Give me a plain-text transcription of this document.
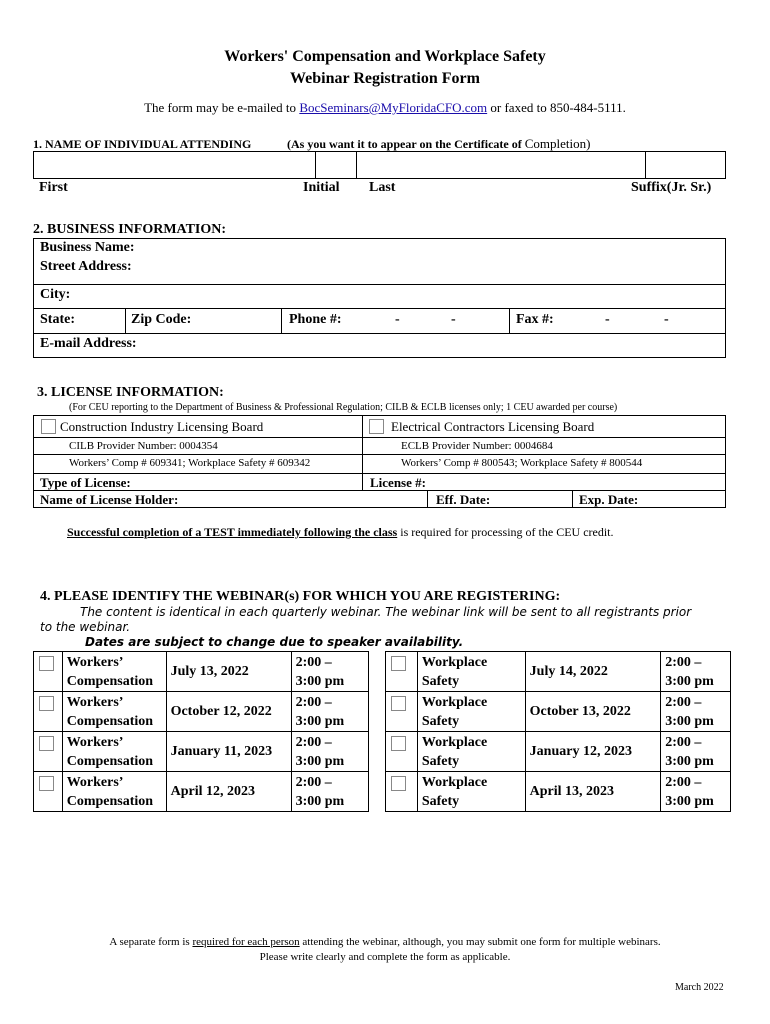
Workers' Compensation and Workplace Safety
Webinar Registration Form
The form may be e-mailed to BocSeminars@MyFloridaCFO.com or faxed to 850-484-5111.
1. NAME OF INDIVIDUAL ATTENDING	(As you want it to appear on the Certificate of Completion)
First	Initial Last	Suffix(Jr. Sr.)
2. BUSINESS INFORMATION:
Business Name:
Street Address:
City:
State:	Zip Code:	Phone #:	-	-	Fax #:	-	-
E-mail Address:
3. LICENSE INFORMATION:
(For CEU reporting to the Department of Business & Professional Regulation; CILB & ECLB licenses only; 1 CEU awarded per course)
Construction Industry Licensing Board	Electrical Contractors Licensing Board
CILB Provider Number: 0004354
Workers’ Comp # 609341; Workplace Safety # 609342
ECLB Provider Number: 0004684
Workers’ Comp # 800543; Workplace Safety # 800544
Type of License:	License #:
Name of License Holder:	Eff. Date:	Exp. Date:
Successful completion of a TEST immediately following the class is required for processing of the CEU credit.
4. PLEASE IDENTIFY THE WEBINAR(s) FOR WHICH YOU ARE REGISTERING:
The content is identical in each quarterly webinar. The webinar link will be sent to all registrants prior
to the webinar.
Dates are subject to change due to speaker availability.
	Workers’
Compensation	July 13, 2022	2:00 –
3:00 pm

	Workers’
Compensation	October 12, 2022	2:00 –
3:00 pm

	Workers’
Compensation	January 11, 2023	2:00 –
3:00 pm

	Workers’
Compensation	April 12, 2023	2:00 –
3:00 pm
	Workplace
Safety	July 14, 2022	2:00 –
3:00 pm

	Workplace
Safety	October 13, 2022	2:00 –
3:00 pm

	Workplace
Safety	January 12, 2023	2:00 –
3:00 pm

	Workplace
Safety	April 13, 2023	2:00 –
3:00 pm
A separate form is required for each person attending the webinar, although, you may submit one form for multiple webinars.
Please write clearly and complete the form as applicable.
March 2022
